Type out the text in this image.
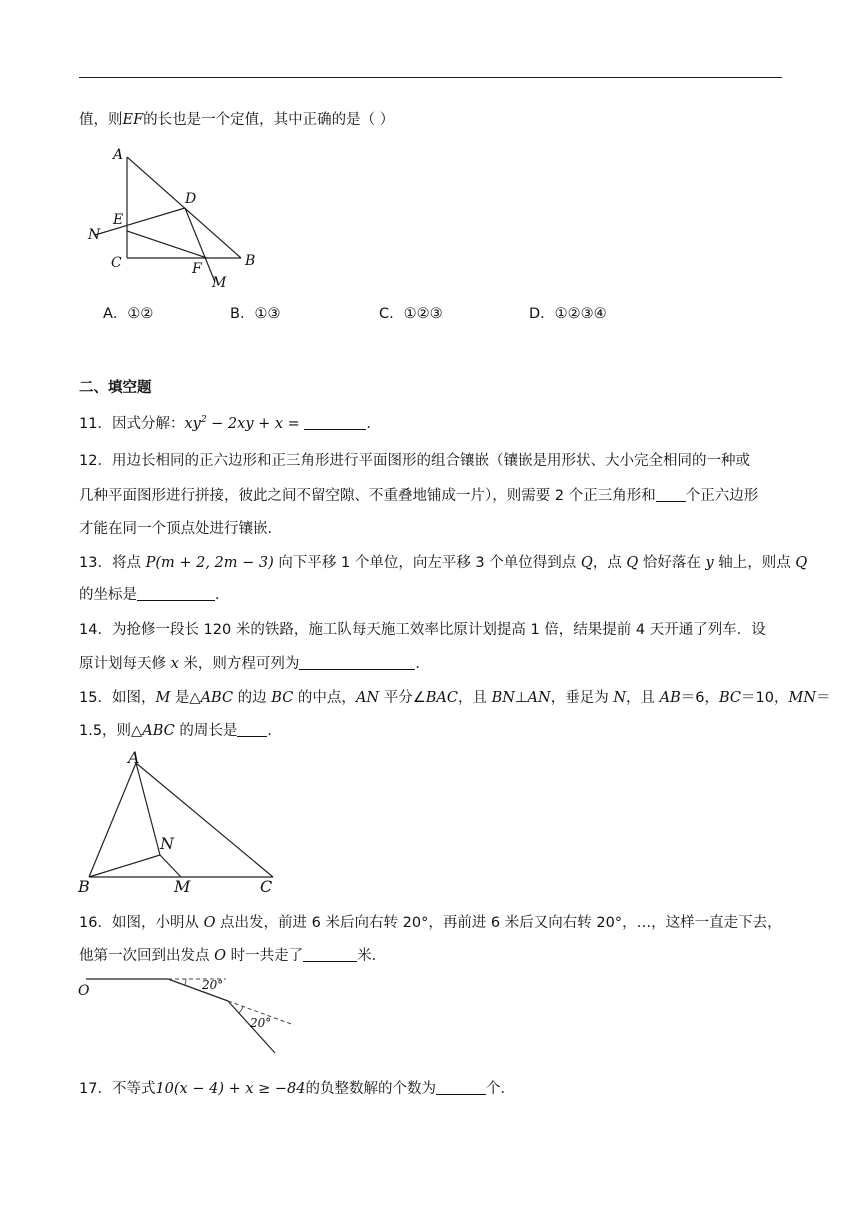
值，则EF的长也是一个定值，其中正确的是（ ）
A
D
E
N
C	F	B
M
A．①②	B．①③	C．①②③	D．①②③④
二、填空题
11．因式分解：$xy^2 - 2xy + x$ =	．
12．用边长相同的正六边形和正三角形进行平面图形的组合镶嵌（镶嵌是用形状、大小完全相同的一种或
几种平面图形进行拼接，彼此之间不留空隙、不重叠地铺成一片），则需要 2 个正三角形和 个正六边形
才能在同一个顶点处进行镶嵌．
13．将点 P(m + 2, 2m − 3) 向下平移 1 个单位，向左平移 3 个单位得到点 Q，点 Q 恰好落在 y 轴上，则点 Q
的坐标是	．
14．为抢修一段长 120 米的铁路，施工队每天施工效率比原计划提高 1 倍，结果提前 4 天开通了列车．设
原计划每天修 x 米，则方程可列为	．
15．如图，M 是△ABC 的边 BC 的中点，AN 平分∠BAC，且 BN⊥AN，垂足为 N，且 AB＝6，BC＝10，MN＝
1.5，则△ABC 的周长是 ．
A
N
B	M	C
16．如图，小明从 O 点出发，前进 6 米后向右转 20°，再前进 6 米后又向右转 20°，…，这样一直走下去，
他第一次回到出发点 O 时一共走了	米．
O	20°
20°
17．不等式10(x − 4) + x ≥ −84的负整数解的个数为	个．
